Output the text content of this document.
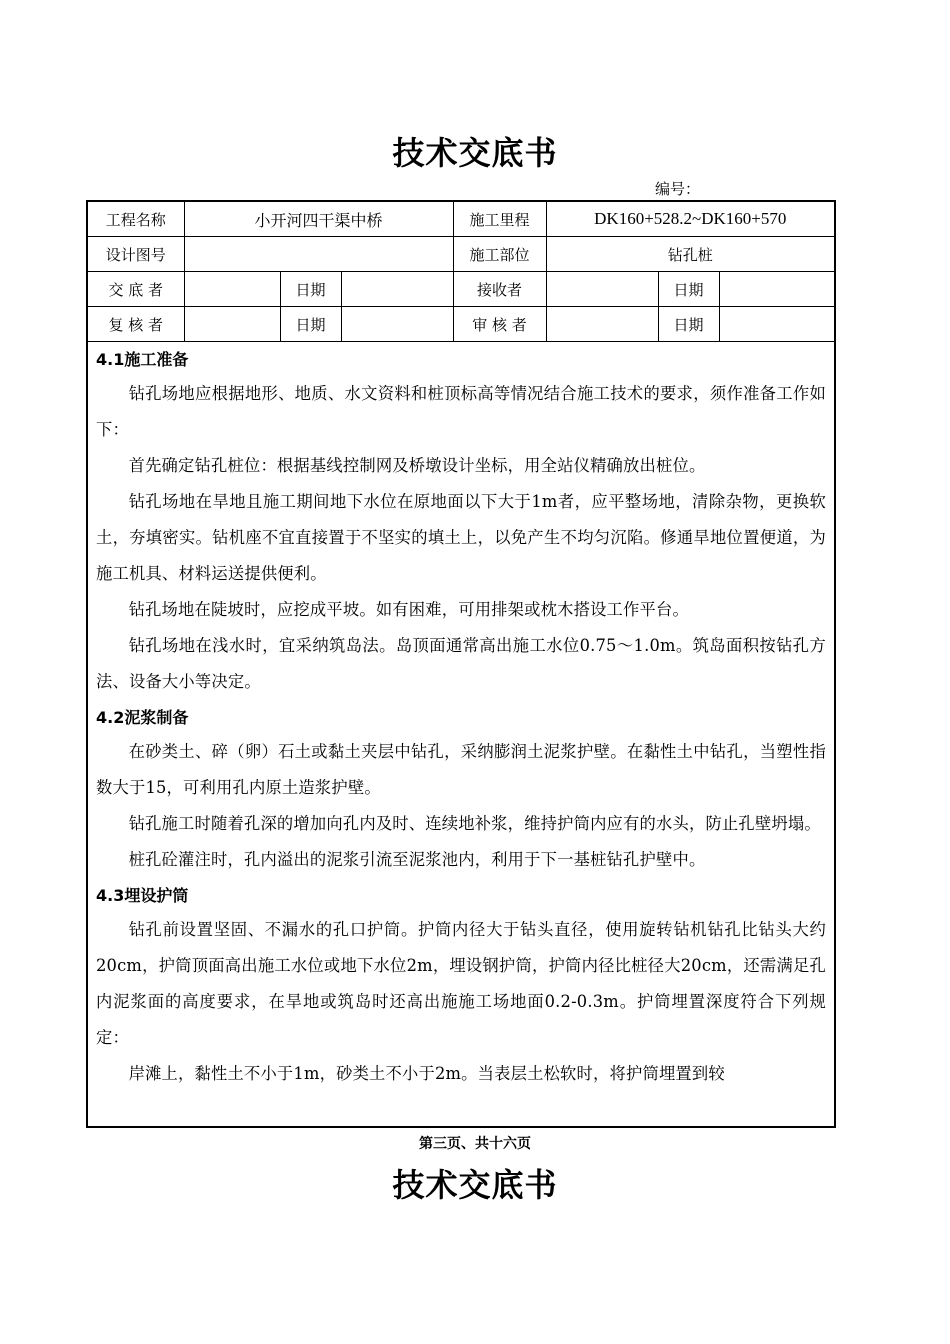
技术交底书
编号：
工程名称	小开河四干渠中桥			施工里程	DK160+528.2~DK160+570		
设计图号				施工部位	钻孔桩		
交 底 者		日期		接收者		日期	
复 核 者		日期		审 核 者		日期	
4.1施工准备
钻孔场地应根据地形、地质、水文资料和桩顶标高等情况结合施工技术的要求，须作准备工作如下：
首先确定钻孔桩位：根据基线控制网及桥墩设计坐标，用全站仪精确放出桩位。
钻孔场地在旱地且施工期间地下水位在原地面以下大于1m者，应平整场地，清除杂物，更换软土，夯填密实。钻机座不宜直接置于不坚实的填土上，以免产生不均匀沉陷。修通旱地位置便道，为施工机具、材料运送提供便利。
钻孔场地在陡坡时，应挖成平坡。如有困难，可用排架或枕木搭设工作平台。
钻孔场地在浅水时，宜采纳筑岛法。岛顶面通常高出施工水位0.75～1.0m。筑岛面积按钻孔方法、设备大小等决定。
4.2泥浆制备
在砂类土、碎（卵）石土或黏土夹层中钻孔，采纳膨润土泥浆护壁。在黏性土中钻孔，当塑性指数大于15，可利用孔内原土造浆护壁。
钻孔施工时随着孔深的增加向孔内及时、连续地补浆，维持护筒内应有的水头，防止孔壁坍塌。
桩孔砼灌注时，孔内溢出的泥浆引流至泥浆池内，利用于下一基桩钻孔护壁中。
4.3埋设护筒
钻孔前设置坚固、不漏水的孔口护筒。护筒内径大于钻头直径，使用旋转钻机钻孔比钻头大约20cm，护筒顶面高出施工水位或地下水位2m，埋设钢护筒，护筒内径比桩径大20cm，还需满足孔内泥浆面的高度要求，在旱地或筑岛时还高出施施工场地面0.2-0.3m。护筒埋置深度符合下列规定：
岸滩上，黏性土不小于1m，砂类土不小于2m。当表层土松软时，将护筒埋置到较
第三页、共十六页
技术交底书
